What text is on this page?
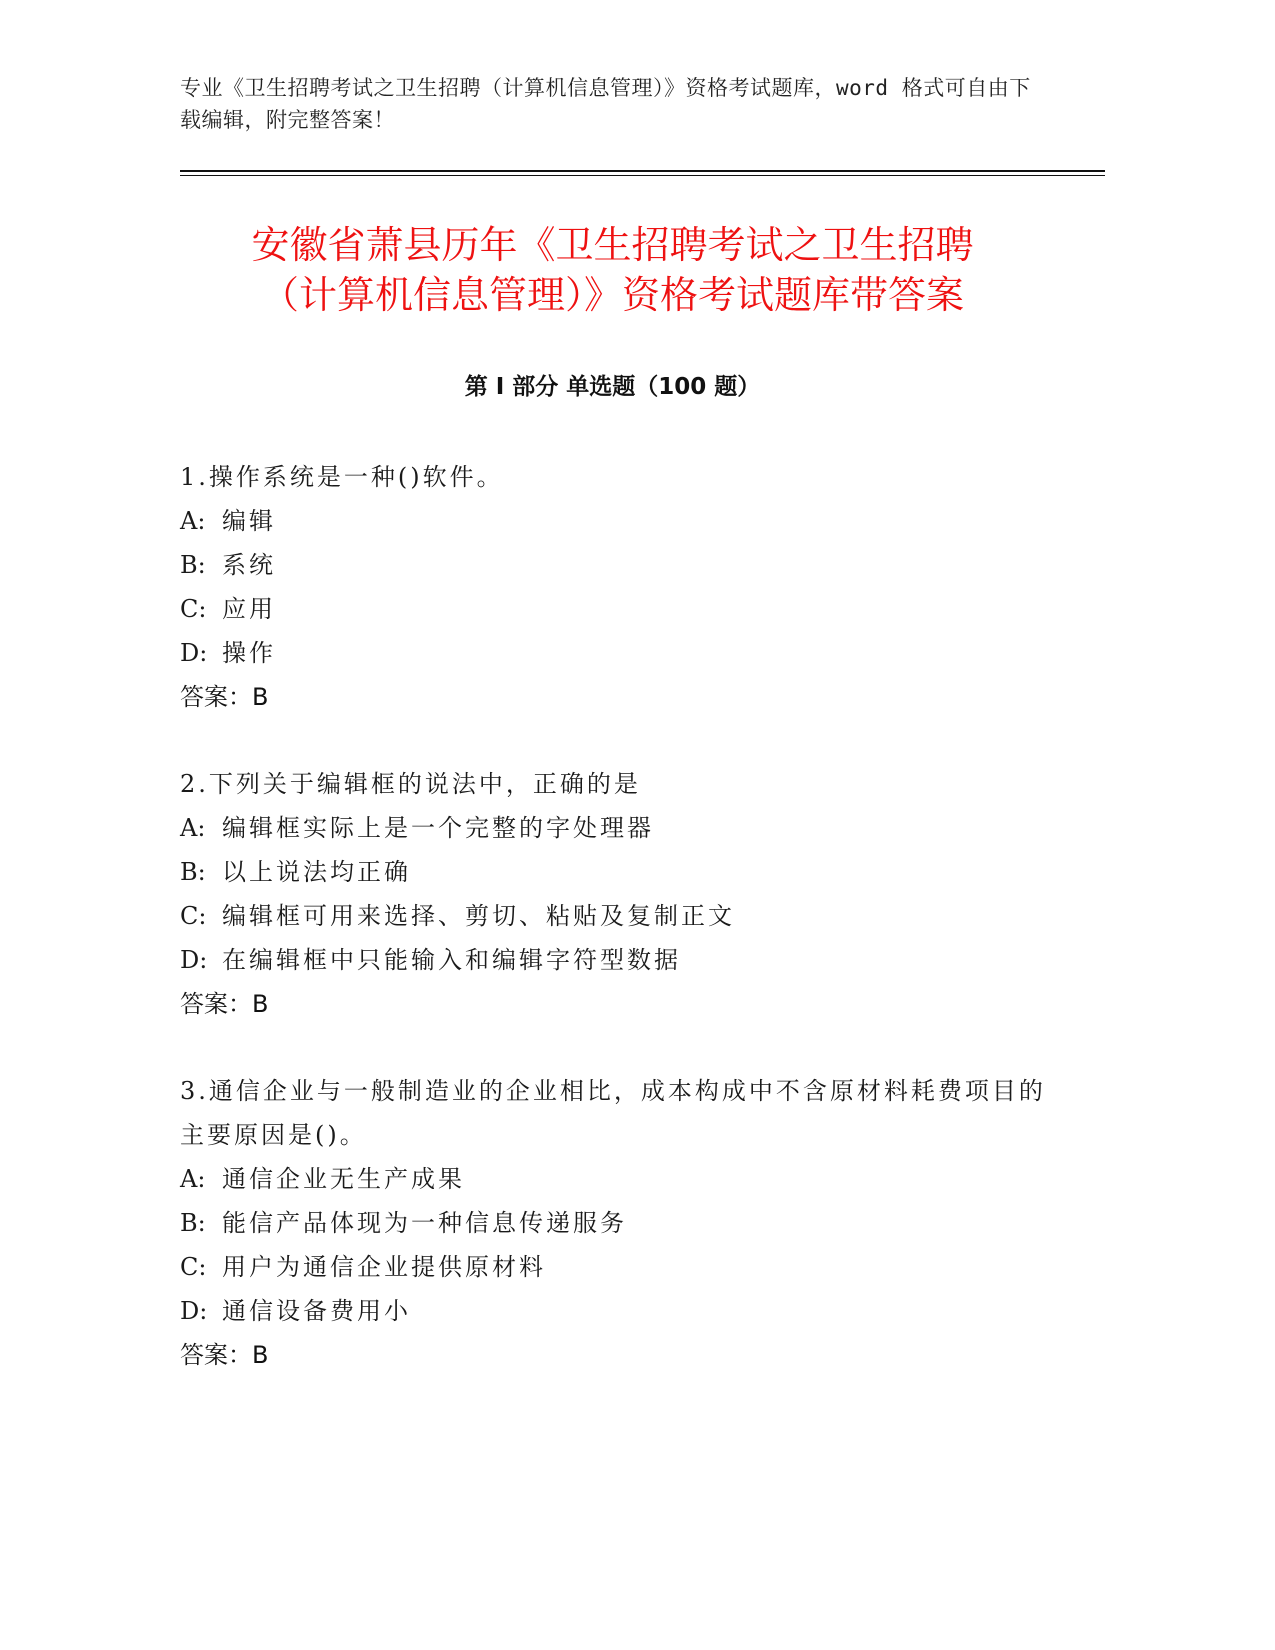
专业《卫生招聘考试之卫生招聘（计算机信息管理）》资格考试题库，word 格式可自由下载编辑，附完整答案！
安徽省萧县历年《卫生招聘考试之卫生招聘
（计算机信息管理）》资格考试题库带答案
第 I 部分 单选题（100 题）
1.操作系统是一种()软件。
A: 编辑
B: 系统
C: 应用
D: 操作
答案：B
2.下列关于编辑框的说法中，正确的是
A: 编辑框实际上是一个完整的字处理器
B: 以上说法均正确
C: 编辑框可用来选择、剪切、粘贴及复制正文
D: 在编辑框中只能输入和编辑字符型数据
答案：B
3.通信企业与一般制造业的企业相比，成本构成中不含原材料耗费项目的主要原因是()。
A: 通信企业无生产成果
B: 能信产品体现为一种信息传递服务
C: 用户为通信企业提供原材料
D: 通信设备费用小
答案：B
